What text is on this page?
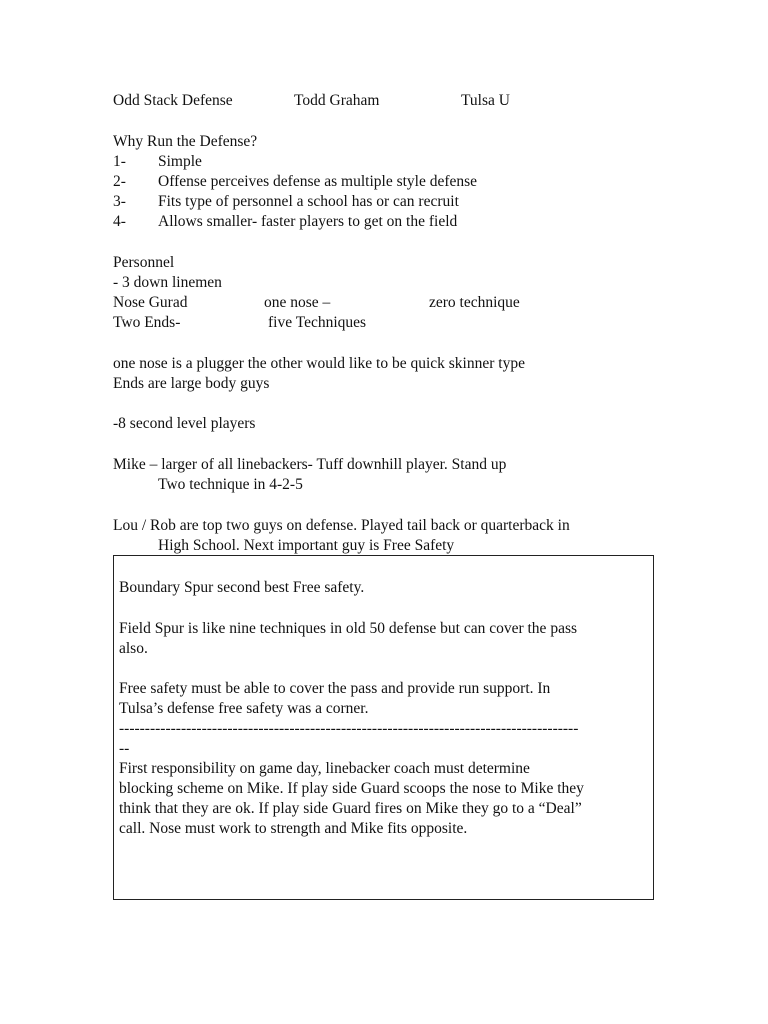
Odd Stack Defense	Todd Graham	Tulsa U
Why Run the Defense?
1- Simple
2- Offense perceives defense as multiple style defense
3- Fits type of personnel a school has or can recruit
4- Allows smaller- faster players to get on the field
Personnel
- 3 down linemen
Nose Gurad	one nose –	zero technique
Two Ends-	five Techniques
one nose is a plugger the other would like to be quick skinner type
Ends are large body guys
-8 second level players
Mike – larger of all linebackers- Tuff downhill player. Stand up
Two technique in 4-2-5
Lou / Rob are top two guys on defense. Played tail back or quarterback in
High School. Next important guy is Free Safety
Boundary Spur second best Free safety.
Field Spur is like nine techniques in old 50 defense but can cover the pass
also.
Free safety must be able to cover the pass and provide run support. In
Tulsa’s defense free safety was a corner.
-----------------------------------------------------------------------------------------
--
First responsibility on game day, linebacker coach must determine
blocking scheme on Mike. If play side Guard scoops the nose to Mike they
think that they are ok. If play side Guard fires on Mike they go to a “Deal”
call. Nose must work to strength and Mike fits opposite.
